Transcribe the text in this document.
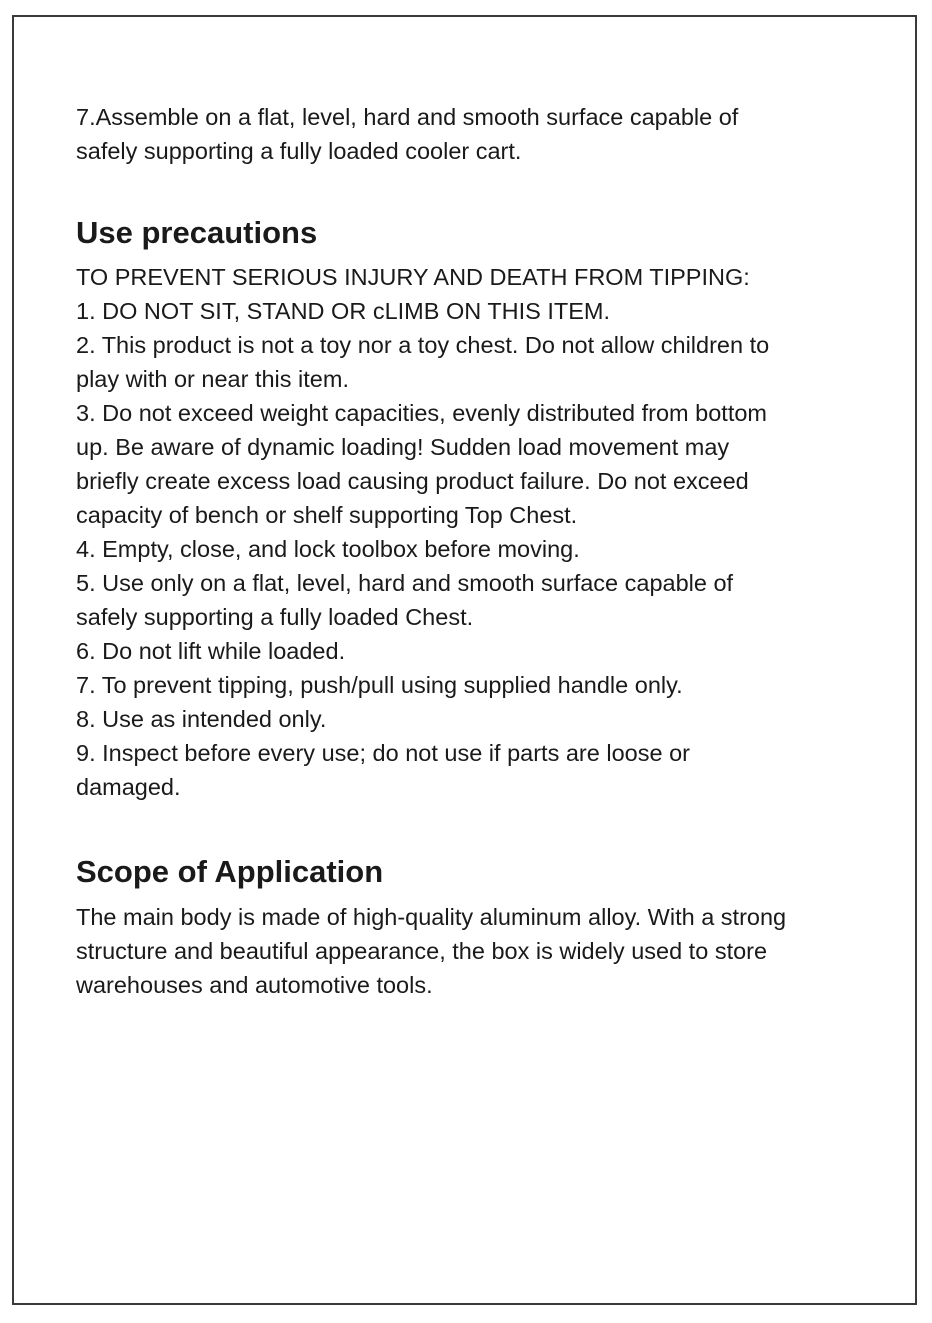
7.Assemble on a flat, level, hard and smooth surface capable of

safely supporting a fully loaded cooler cart.

Use precautions

TO PREVENT SERIOUS INJURY AND DEATH FROM TIPPING:

1. DO NOT SIT, STAND OR cLIMB ON THIS ITEM.

2. This product is not a toy nor a toy chest. Do not allow children to

play with or near this item.

3. Do not exceed weight capacities, evenly distributed from bottom

up. Be aware of dynamic loading! Sudden load movement may

briefly create excess load causing product failure. Do not exceed

capacity of bench or shelf supporting Top Chest.

4. Empty, close, and lock toolbox before moving.

5. Use only on a flat, level, hard and smooth surface capable of

safely supporting a fully loaded Chest.

6. Do not lift while loaded.

7. To prevent tipping, push/pull using supplied handle only.

8. Use as intended only.

9. Inspect before every use; do not use if parts are loose or

damaged.

Scope of Application

The main body is made of high-quality aluminum alloy. With a strong

structure and beautiful appearance, the box is widely used to store

warehouses and automotive tools.
